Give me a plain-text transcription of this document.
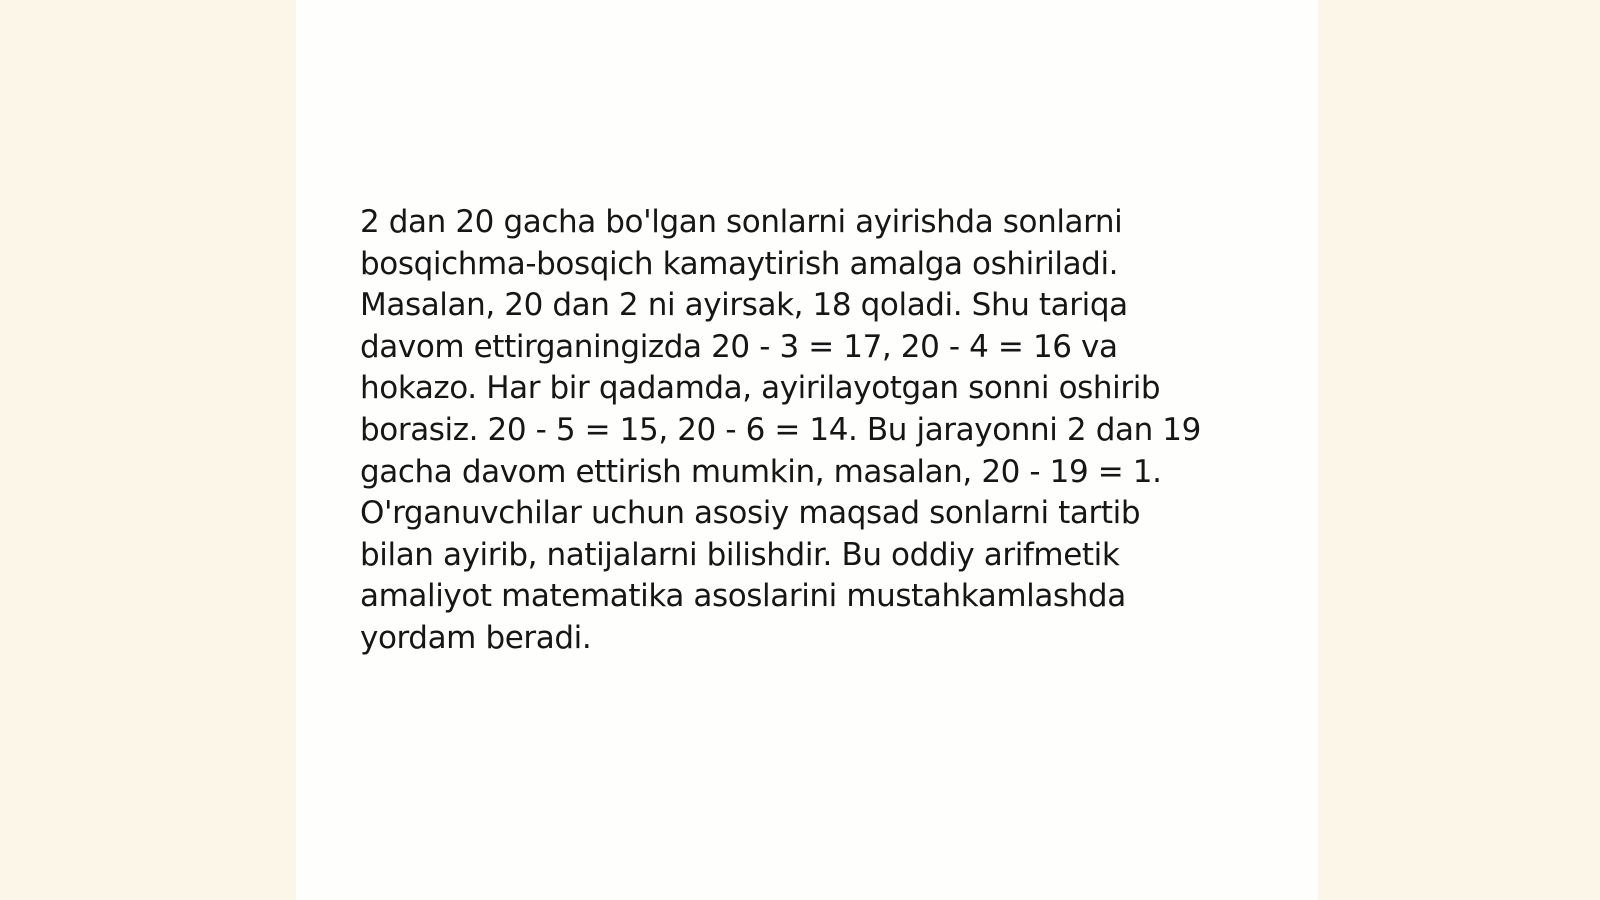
2 dan 20 gacha bo'lgan sonlarni ayirishda sonlarni
bosqichma-bosqich kamaytirish amalga oshiriladi.
Masalan, 20 dan 2 ni ayirsak, 18 qoladi. Shu tariqa
davom ettirganingizda 20 - 3 = 17, 20 - 4 = 16 va
hokazo. Har bir qadamda, ayirilayotgan sonni oshirib
borasiz. 20 - 5 = 15, 20 - 6 = 14. Bu jarayonni 2 dan 19
gacha davom ettirish mumkin, masalan, 20 - 19 = 1.
O'rganuvchilar uchun asosiy maqsad sonlarni tartib
bilan ayirib, natijalarni bilishdir. Bu oddiy arifmetik
amaliyot matematika asoslarini mustahkamlashda
yordam beradi.
